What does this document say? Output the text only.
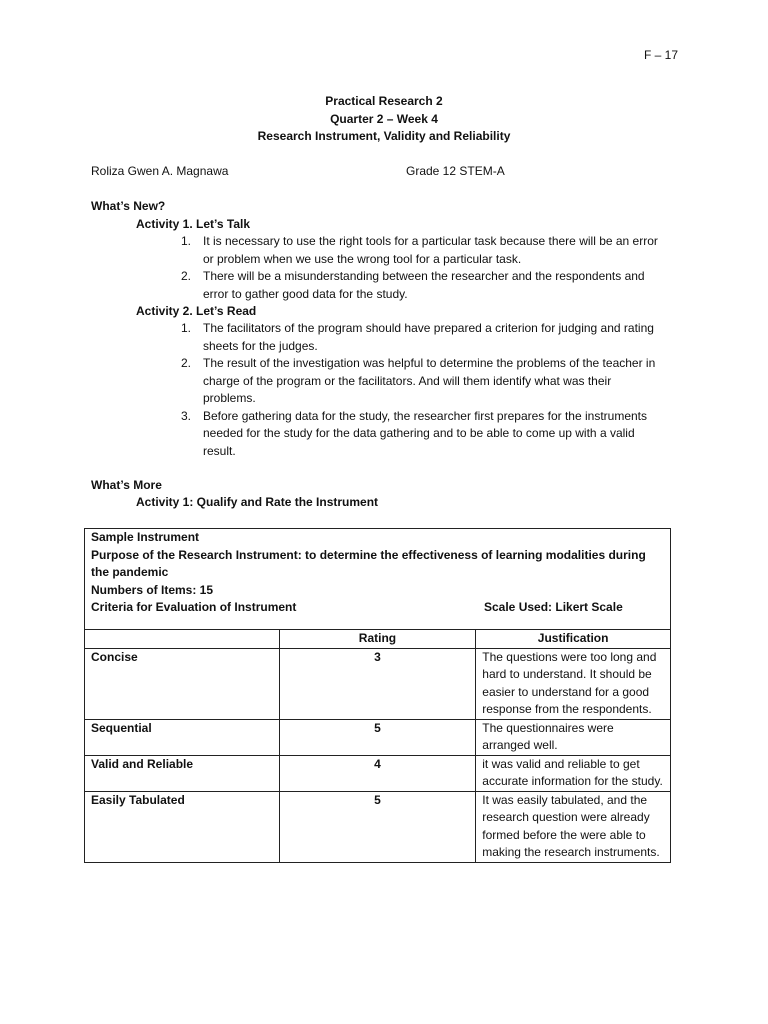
F – 17
Practical Research 2
Quarter 2 – Week 4
Research Instrument, Validity and Reliability
Roliza Gwen A. Magnawa	Grade 12 STEM-A
What’s New?
Activity 1. Let’s Talk
1. It is necessary to use the right tools for a particular task because there will be an error or problem when we use the wrong tool for a particular task.
2. There will be a misunderstanding between the researcher and the respondents and error to gather good data for the study.
Activity 2. Let’s Read
1. The facilitators of the program should have prepared a criterion for judging and rating sheets for the judges.
2. The result of the investigation was helpful to determine the problems of the teacher in charge of the program or the facilitators. And will them identify what was their problems.
3. Before gathering data for the study, the researcher first prepares for the instruments needed for the study for the data gathering and to be able to come up with a valid result.
What’s More
Activity 1: Qualify and Rate the Instrument
Sample Instrument
Purpose of the Research Instrument: to determine the effectiveness of learning modalities during the pandemic
Numbers of Items: 15
Criteria for Evaluation of Instrument Scale Used: Likert Scale		

	Rating	Justification
Concise	3	The questions were too long and hard to understand. It should be easier to understand for a good response from the respondents.
Sequential	5	The questionnaires were arranged well.
Valid and Reliable	4	it was valid and reliable to get accurate information for the study.
Easily Tabulated	5	It was easily tabulated, and the research question were already formed before the were able to making the research instruments.
